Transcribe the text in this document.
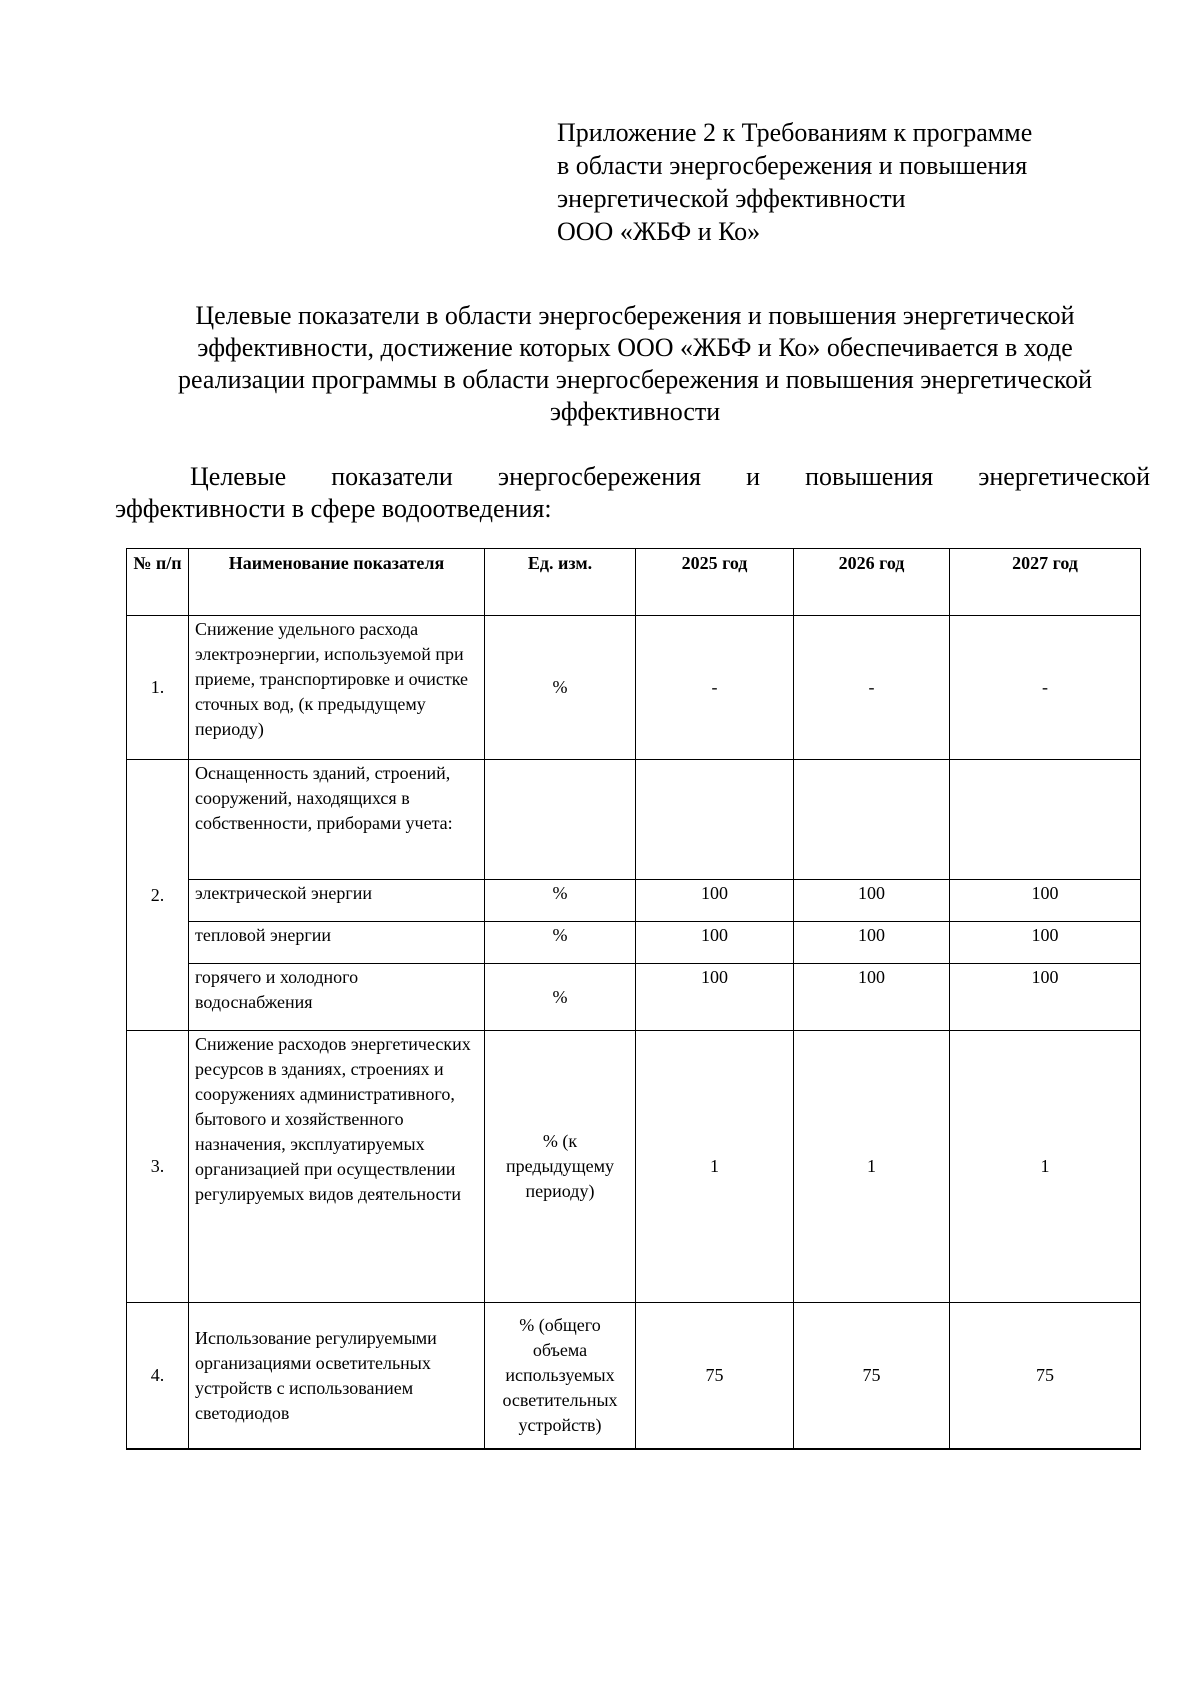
Приложение 2 к Требованиям к программе
в области энергосбережения и повышения
энергетической эффективности
ООО «ЖБФ и Ко»
Целевые показатели в области энергосбережения и повышения энергетической
эффективности, достижение которых ООО «ЖБФ и Ко» обеспечивается в ходе
реализации программы в области энергосбережения и повышения энергетической
эффективности
Целевые показатели энергосбережения и повышения энергетической
эффективности в сфере водоотведения:
№ п/п	Наименование показателя	Ед. изм.	2025 год	2026 год	2027 год
1.	Снижение удельного расхода электроэнергии, используемой при приеме, транспортировке и очистке сточных вод, (к предыдущему периоду)	%	-	-	-
2.	Оснащенность зданий, строений, сооружений, находящихся в собственности, приборами учета:				
	электрической энергии	%	100	100	100
	тепловой энергии	%	100	100	100
	горячего и холодного водоснабжения	%	100	100	100
3.	Снижение расходов энергетических ресурсов в зданиях, строениях и сооружениях административного, бытового и хозяйственного назначения, эксплуатируемых организацией при осуществлении регулируемых видов деятельности	% (к предыдущему периоду)	1	1	1
4.	Использование регулируемыми организациями осветительных устройств с использованием светодиодов	% (общего объема используемых осветительных устройств)	75	75	75
